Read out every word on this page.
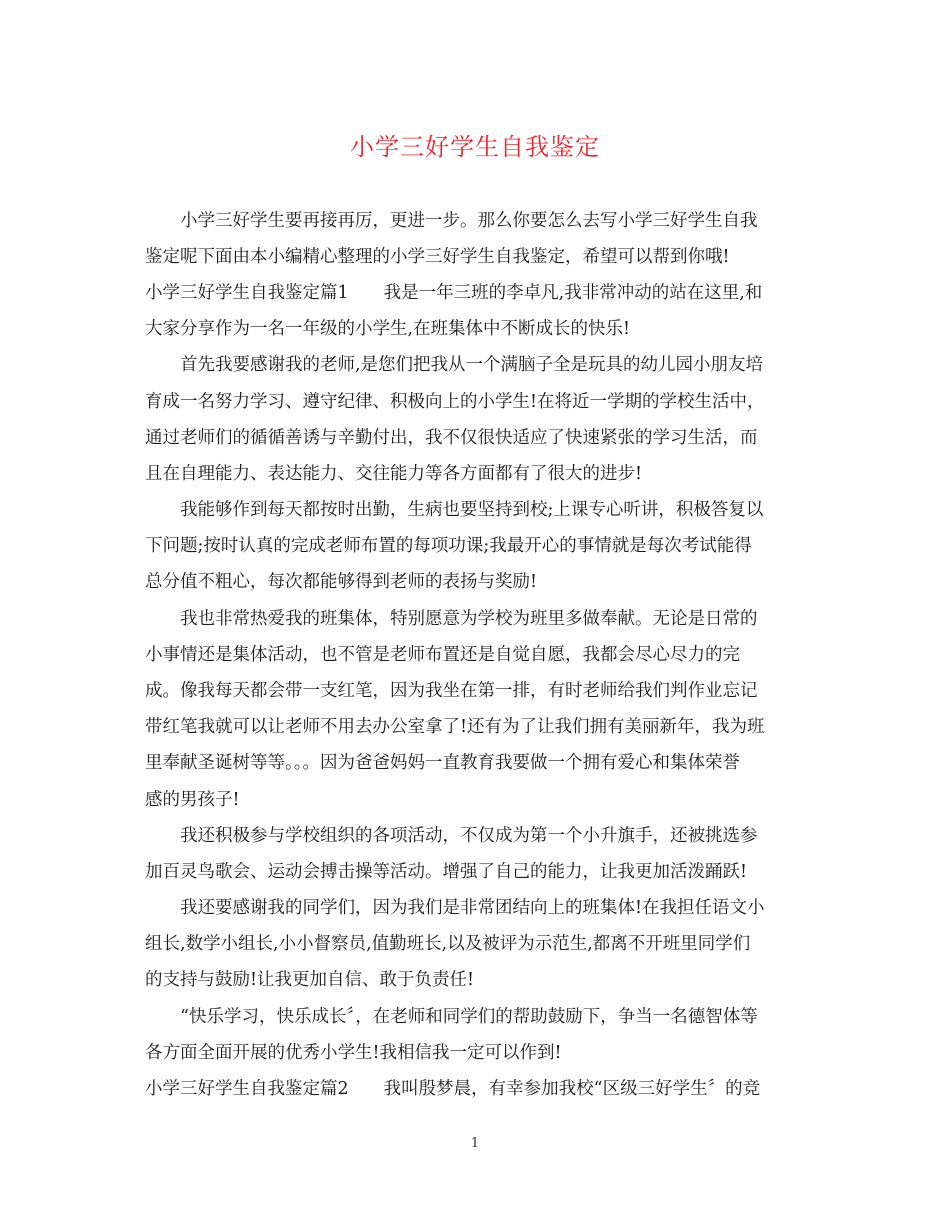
小学三好学生自我鉴定
小学三好学生要再接再厉，更进一步。那么你要怎么去写小学三好学生自我
鉴定呢下面由本小编精心整理的小学三好学生自我鉴定，希望可以帮到你哦!
小学三好学生自我鉴定篇1　　我是一年三班的李卓凡,我非常冲动的站在这里,和
大家分享作为一名一年级的小学生,在班集体中不断成长的快乐!
首先我要感谢我的老师,是您们把我从一个满脑子全是玩具的幼儿园小朋友培
育成一名努力学习、遵守纪律、积极向上的小学生!在将近一学期的学校生活中，
通过老师们的循循善诱与辛勤付出，我不仅很快适应了快速紧张的学习生活，而
且在自理能力、表达能力、交往能力等各方面都有了很大的进步!
我能够作到每天都按时出勤，生病也要坚持到校;上课专心听讲，积极答复以
下问题;按时认真的完成老师布置的每项功课;我最开心的事情就是每次考试能得
总分值不粗心，每次都能够得到老师的表扬与奖励!
我也非常热爱我的班集体，特别愿意为学校为班里多做奉献。无论是日常的
小事情还是集体活动，也不管是老师布置还是自觉自愿，我都会尽心尽力的完
成。像我每天都会带一支红笔，因为我坐在第一排，有时老师给我们判作业忘记
带红笔我就可以让老师不用去办公室拿了!还有为了让我们拥有美丽新年，我为班
里奉献圣诞树等等。。。因为爸爸妈妈一直教育我要做一个拥有爱心和集体荣誉
感的男孩子!
我还积极参与学校组织的各项活动，不仅成为第一个小升旗手，还被挑选参
加百灵鸟歌会、运动会搏击操等活动。增强了自己的能力，让我更加活泼踊跃!
我还要感谢我的同学们，因为我们是非常团结向上的班集体!在我担任语文小
组长,数学小组长,小小督察员,值勤班长,以及被评为示范生,都离不开班里同学们
的支持与鼓励!让我更加自信、敢于负责任!
“快乐学习，快乐成长〞，在老师和同学们的帮助鼓励下，争当一名德智体等
各方面全面开展的优秀小学生!我相信我一定可以作到!
小学三好学生自我鉴定篇2　　我叫殷梦晨，有幸参加我校“区级三好学生〞的竞
1
